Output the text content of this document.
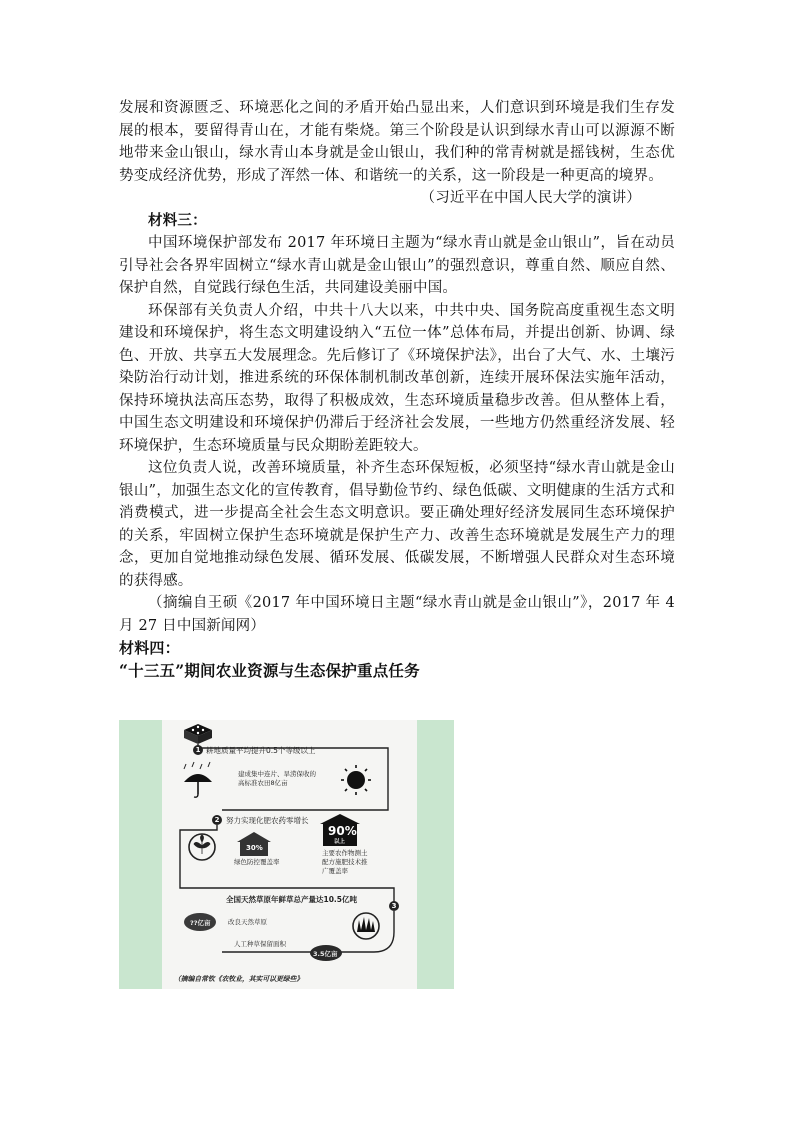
发展和资源匮乏、环境恶化之间的矛盾开始凸显出来，人们意识到环境是我们生存发展的根本，要留得青山在，才能有柴烧。第三个阶段是认识到绿水青山可以源源不断地带来金山银山，绿水青山本身就是金山银山，我们种的常青树就是摇钱树，生态优势变成经济优势，形成了浑然一体、和谐统一的关系，这一阶段是一种更高的境界。

（习近平在中国人民大学的演讲）

材料三：

中国环境保护部发布 2017 年环境日主题为“绿水青山就是金山银山”，旨在动员引导社会各界牢固树立“绿水青山就是金山银山”的强烈意识，尊重自然、顺应自然、保护自然，自觉践行绿色生活，共同建设美丽中国。

环保部有关负责人介绍，中共十八大以来，中共中央、国务院高度重视生态文明建设和环境保护，将生态文明建设纳入“五位一体”总体布局，并提出创新、协调、绿色、开放、共享五大发展理念。先后修订了《环境保护法》，出台了大气、水、土壤污染防治行动计划，推进系统的环保体制机制改革创新，连续开展环保法实施年活动，保持环境执法高压态势，取得了积极成效，生态环境质量稳步改善。但从整体上看，中国生态文明建设和环境保护仍滞后于经济社会发展，一些地方仍然重经济发展、轻环境保护，生态环境质量与民众期盼差距较大。

这位负责人说，改善环境质量，补齐生态环保短板，必须坚持“绿水青山就是金山银山”，加强生态文化的宣传教育，倡导勤俭节约、绿色低碳、文明健康的生活方式和消费模式，进一步提高全社会生态文明意识。要正确处理好经济发展同生态环境保护的关系，牢固树立保护生态环境就是保护生产力、改善生态环境就是发展生产力的理念，更加自觉地推动绿色发展、循环发展、低碳发展，不断增强人民群众对生态环境的获得感。

（摘编自王硕《2017 年中国环境日主题“绿水青山就是金山银山”》，2017 年 4 月 27 日中国新闻网）

材料四：

“十三五”期间农业资源与生态保护重点任务

1 耕地质量平均提升0.5个等级以上
建成集中连片、旱涝保收的高标准农田8亿亩
2 努力实现化肥农药零增长
30%
绿色防控覆盖率
90%
以上
主要农作物测土配方施肥技术推广覆盖率
3
全国天然草原年鲜草总产量达10.5亿吨
??亿亩	改良天然草原
人工种草保留面积
3.5亿亩
（摘编自常钦《农牧业，其实可以更绿些》
